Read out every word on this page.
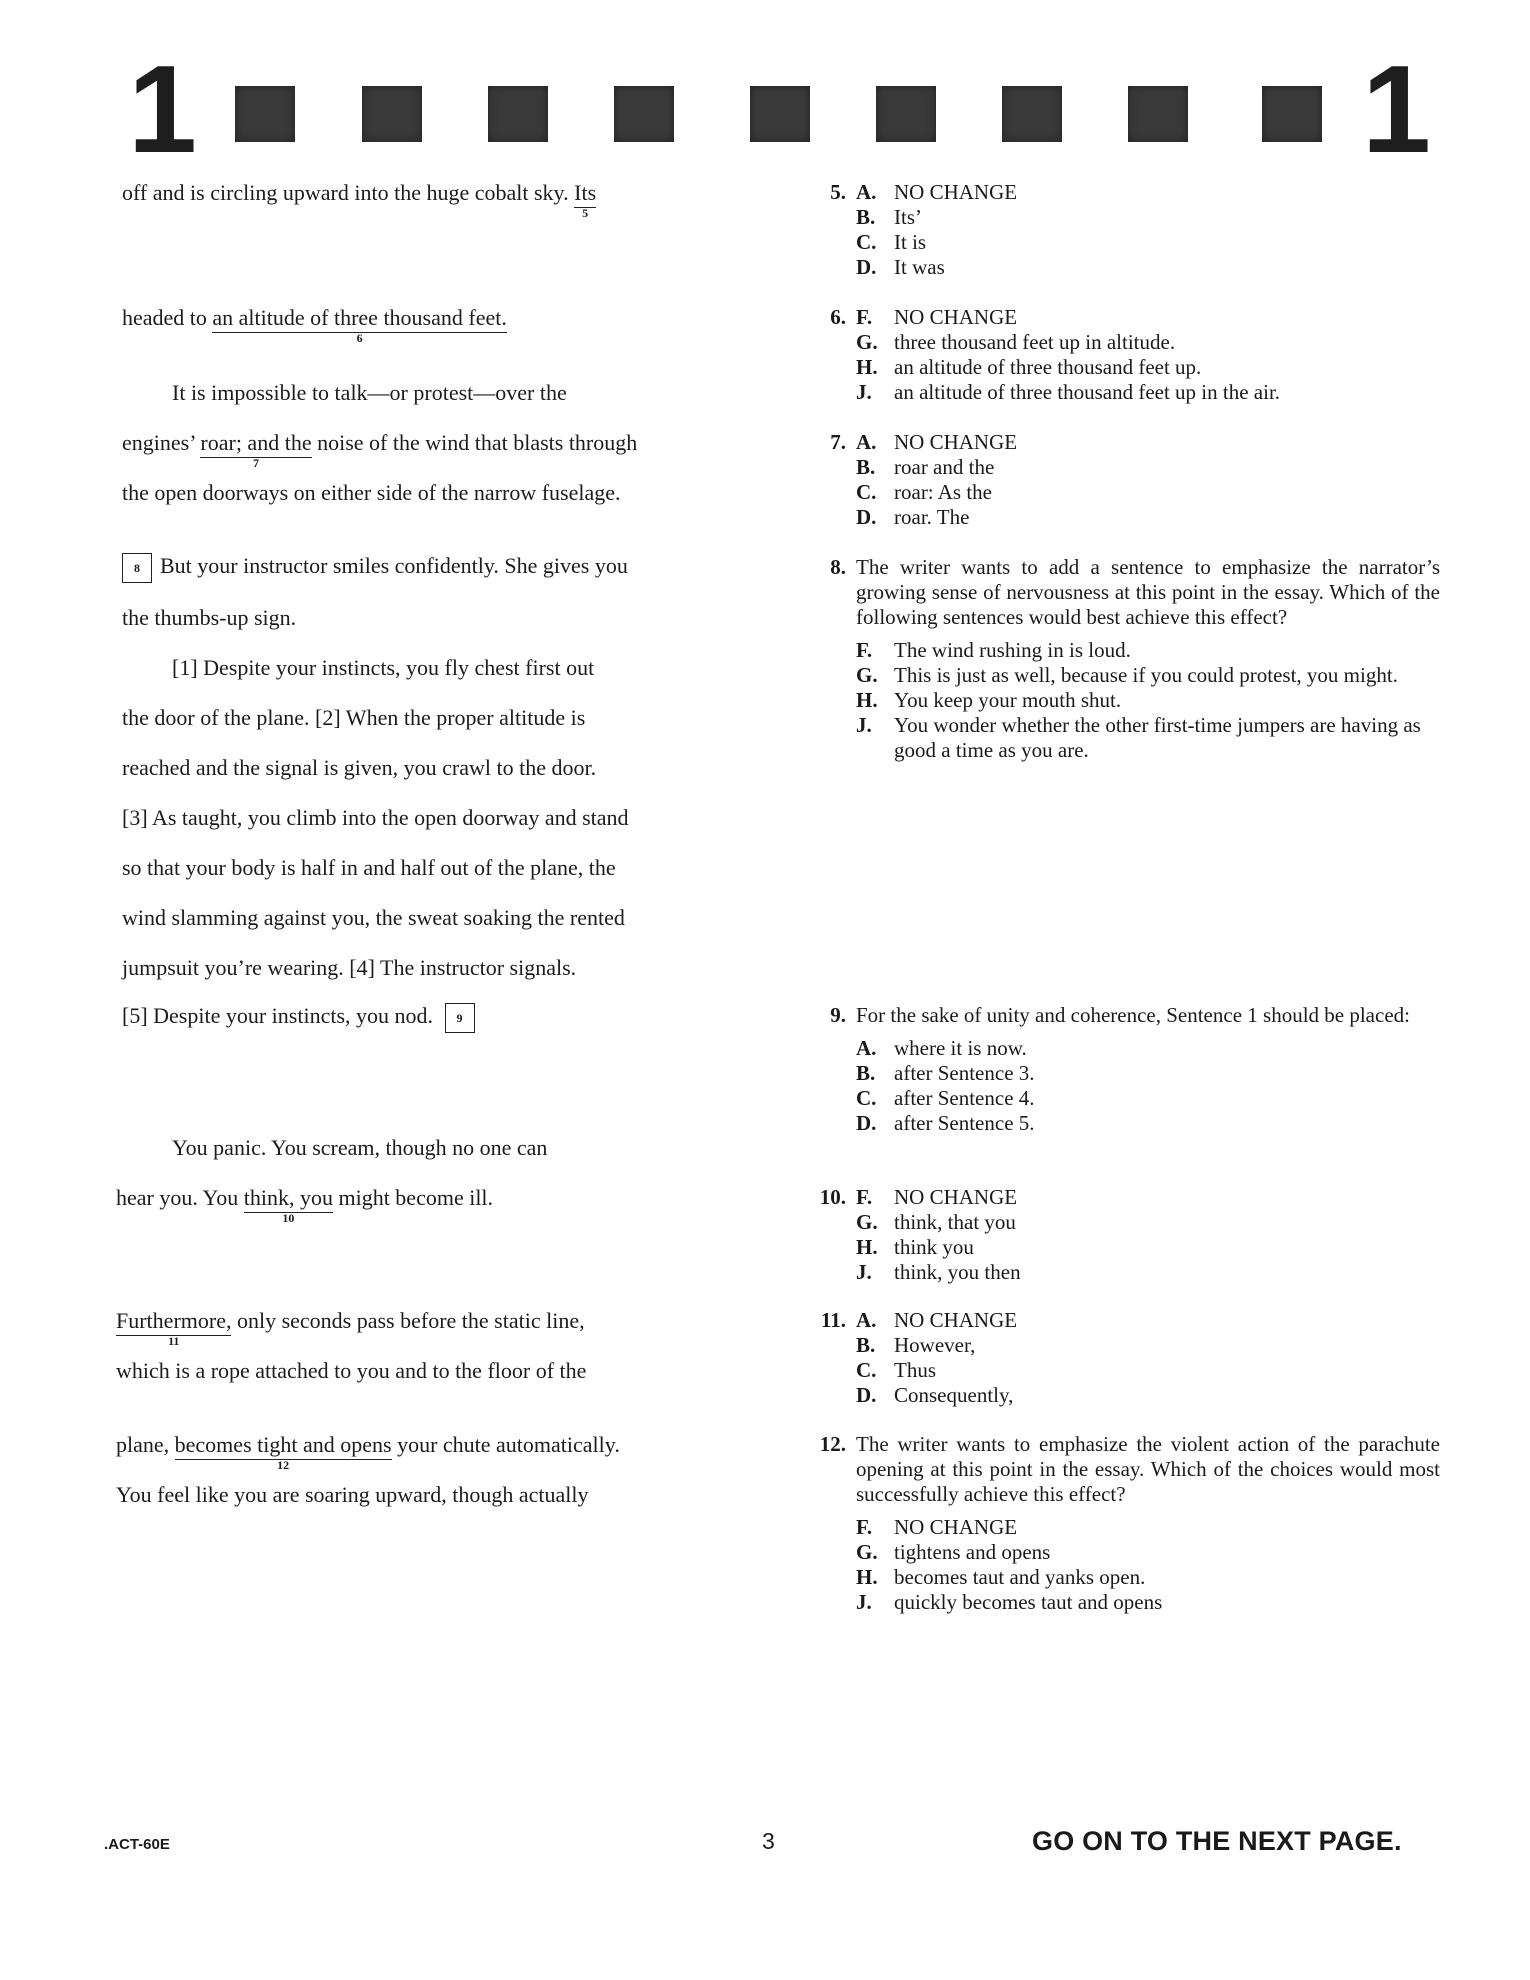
1	1
off and is circling upward into the huge cobalt sky. Its
5
headed to an altitude of three thousand feet.
6
It is impossible to talk—or protest—over the
engines’ roar; and the
7
noise of the wind that blasts through
the open doorways on either side of the narrow fuselage.
8 But your instructor smiles confidently. She gives you
the thumbs-up sign.
[1] Despite your instincts, you fly chest first out
the door of the plane. [2] When the proper altitude is
reached and the signal is given, you crawl to the door.
[3] As taught, you climb into the open doorway and stand
so that your body is half in and half out of the plane, the
wind slamming against you, the sweat soaking the rented
jumpsuit you’re wearing. [4] The instructor signals.
[5] Despite your instincts, you nod. 9
You panic. You scream, though no one can
hear you. You think, you
10
might become ill.
Furthermore,
11
only seconds pass before the static line,
which is a rope attached to you and to the floor of the
plane, becomes tight and opens
12
your chute automatically.
You feel like you are soaring upward, though actually
5. A. NO CHANGE
B. Its’
C. It is
D. It was
6. F.	NO CHANGE
G. three thousand feet up in altitude.
H. an altitude of three thousand feet up.
J.	an altitude of three thousand feet up in the air.
7. A. NO CHANGE
B. roar and the
C. roar: As the
D. roar. The
8. The writer wants to add a sentence to emphasize the narrator’s growing sense of nervousness at this point in the essay. Which of the following sentences would best achieve this effect?
F.	The wind rushing in is loud.
G. This is just as well, because if you could protest, you might.
H. You keep your mouth shut.
J.	You wonder whether the other first-time jumpers are having as good a time as you are.
9. For the sake of unity and coherence, Sentence 1 should be placed:
A. where it is now.
B. after Sentence 3.
C. after Sentence 4.
D. after Sentence 5.
10. F.	NO CHANGE
G. think, that you
H. think you
J.	think, you then
11. A. NO CHANGE
B. However,
C. Thus
D. Consequently,
12. The writer wants to emphasize the violent action of the parachute opening at this point in the essay. Which of the choices would most successfully achieve this effect?
F.	NO CHANGE
G. tightens and opens
H. becomes taut and yanks open.
J.	quickly becomes taut and opens
.ACT-60E	3	GO ON TO THE NEXT PAGE.
